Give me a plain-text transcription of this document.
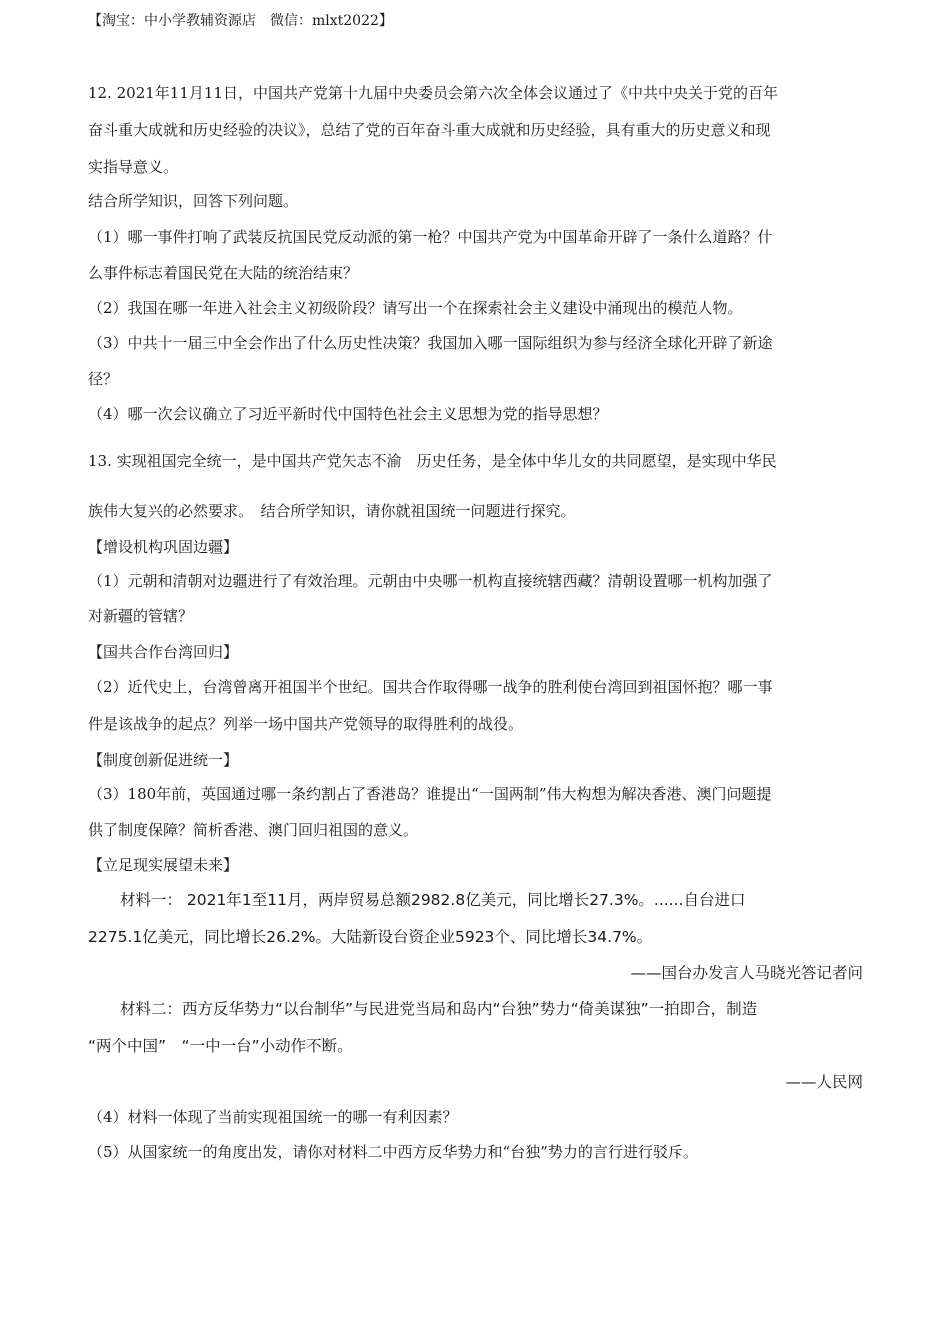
【淘宝：中小学教辅资源店　微信：mlxt2022】
12. 2021年11月11日，中国共产党第十九届中央委员会第六次全体会议通过了《中共中央关于党的百年
奋斗重大成就和历史经验的决议》，总结了党的百年奋斗重大成就和历史经验，具有重大的历史意义和现
实指导意义。
结合所学知识，回答下列问题。
（1）哪一事件打响了武装反抗国民党反动派的第一枪？中国共产党为中国革命开辟了一条什么道路？什
么事件标志着国民党在大陆的统治结束？
（2）我国在哪一年进入社会主义初级阶段？请写出一个在探索社会主义建设中涌现出的模范人物。
（3）中共十一届三中全会作出了什么历史性决策？我国加入哪一国际组织为参与经济全球化开辟了新途
径？
（4）哪一次会议确立了习近平新时代中国特色社会主义思想为党的指导思想？
13. 实现祖国完全统一，是中国共产党矢志不渝　历史任务，是全体中华儿女的共同愿望，是实现中华民
族伟大复兴的必然要求。　结合所学知识，请你就祖国统一问题进行探究。
【增设机构巩固边疆】
（1）元朝和清朝对边疆进行了有效治理。元朝由中央哪一机构直接统辖西藏？清朝设置哪一机构加强了
对新疆的管辖？
【国共合作台湾回归】
（2）近代史上，台湾曾离开祖国半个世纪。国共合作取得哪一战争的胜利使台湾回到祖国怀抱？哪一事
件是该战争的起点？列举一场中国共产党领导的取得胜利的战役。
【制度创新促进统一】
（3）180年前，英国通过哪一条约割占了香港岛？谁提出“一国两制”伟大构想为解决香港、澳门问题提
供了制度保障？简析香港、澳门回归祖国的意义。
【立足现实展望未来】
材料一： 2021年1至11月，两岸贸易总额2982.8亿美元，同比增长27.3%。......自台进口
2275.1亿美元，同比增长26.2%。大陆新设台资企业5923个、同比增长34.7%。
——国台办发言人马晓光答记者问
材料二：西方反华势力“以台制华”与民进党当局和岛内“台独”势力“倚美谋独”一拍即合，制造
“两个中国”　“一中一台”小动作不断。
——人民网
（4）材料一体现了当前实现祖国统一的哪一有利因素？
（5）从国家统一的角度出发，请你对材料二中西方反华势力和“台独”势力的言行进行驳斥。
